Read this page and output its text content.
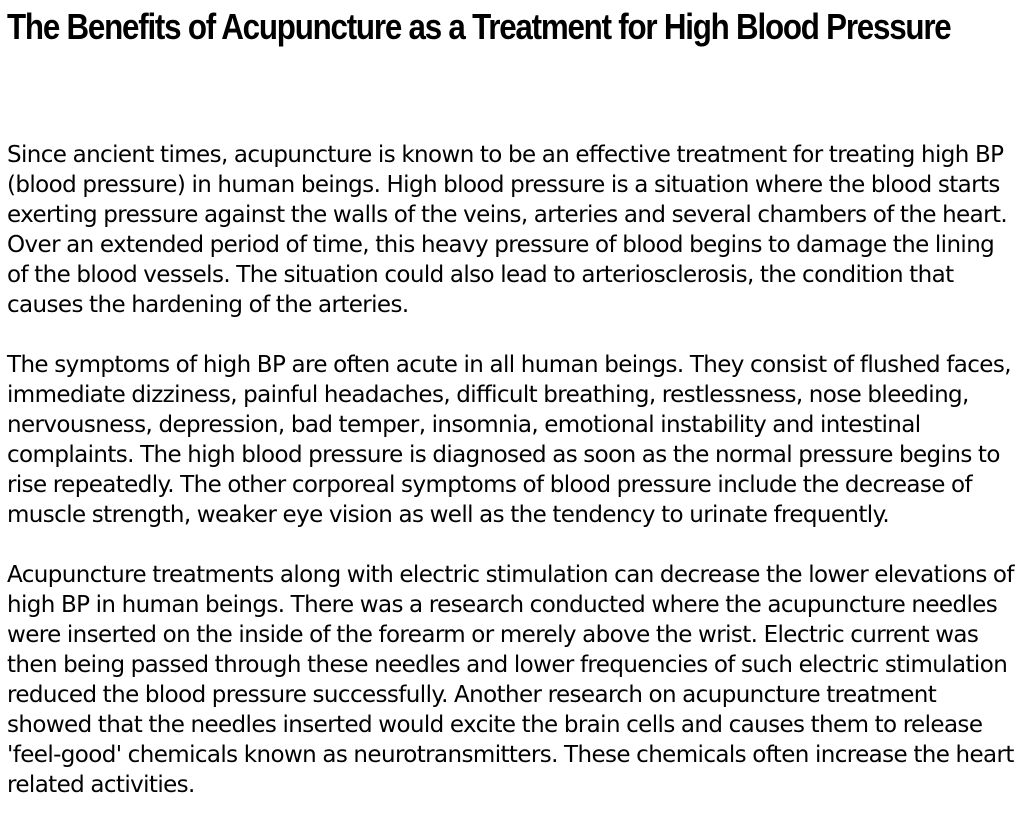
The Benefits of Acupuncture as a Treatment for High Blood Pressure

Since ancient times, acupuncture is known to be an effective treatment for treating high BP (blood pressure) in human beings. High blood pressure is a situation where the blood starts exerting pressure against the walls of the veins, arteries and several chambers of the heart. Over an extended period of time, this heavy pressure of blood begins to damage the lining of the blood vessels. The situation could also lead to arteriosclerosis, the condition that causes the hardening of the arteries.

The symptoms of high BP are often acute in all human beings. They consist of flushed faces, immediate dizziness, painful headaches, difficult breathing, restlessness, nose bleeding, nervousness, depression, bad temper, insomnia, emotional instability and intestinal complaints. The high blood pressure is diagnosed as soon as the normal pressure begins to rise repeatedly. The other corporeal symptoms of blood pressure include the decrease of muscle strength, weaker eye vision as well as the tendency to urinate frequently.

Acupuncture treatments along with electric stimulation can decrease the lower elevations of high BP in human beings. There was a research conducted where the acupuncture needles were inserted on the inside of the forearm or merely above the wrist. Electric current was then being passed through these needles and lower frequencies of such electric stimulation reduced the blood pressure successfully. Another research on acupuncture treatment showed that the needles inserted would excite the brain cells and causes them to release 'feel-good' chemicals known as neurotransmitters. These chemicals often increase the heart related activities.
